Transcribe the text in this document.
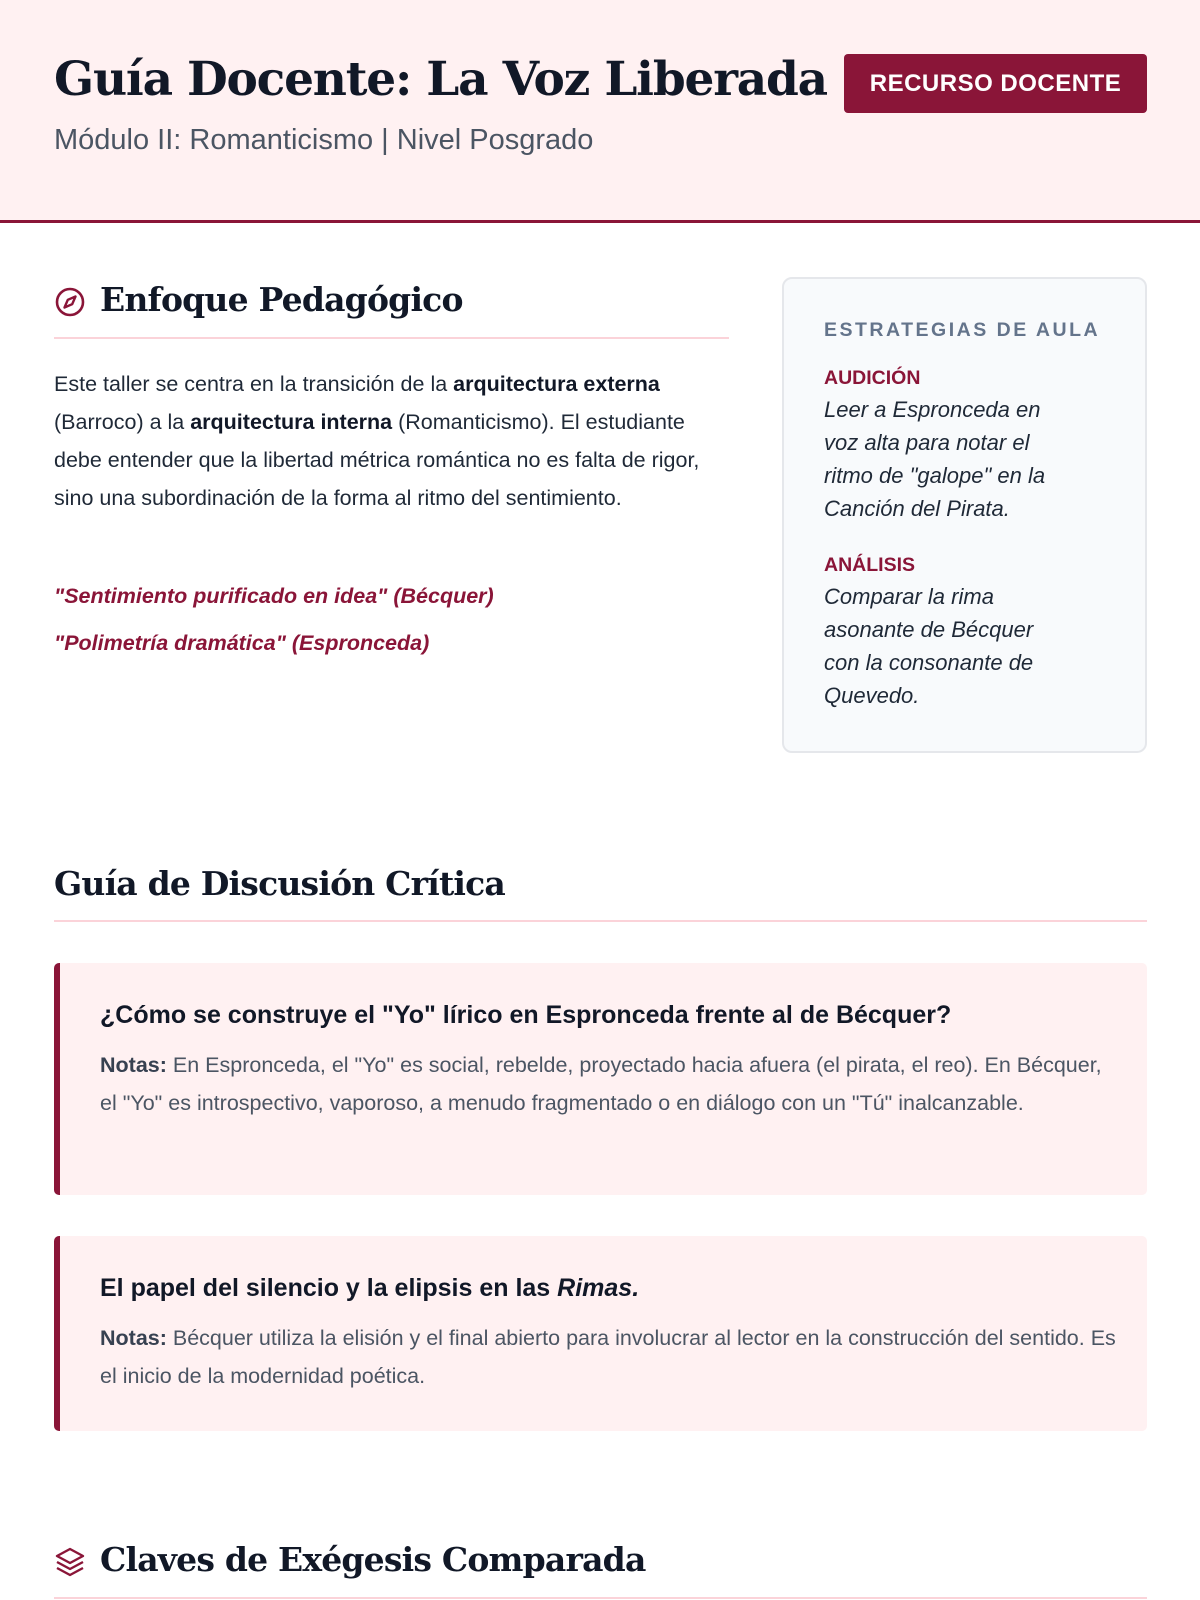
Guía Docente: La Voz Liberada
Módulo II: Romanticismo | Nivel Posgrado
RECURSO DOCENTE
Enfoque Pedagógico

Este taller se centra en la transición de la arquitectura externa (Barroco) a la arquitectura interna (Romanticismo). El estudiante debe entender que la libertad métrica romántica no es falta de rigor, sino una subordinación de la forma al ritmo del sentimiento.

"Sentimiento purificado en idea" (Bécquer)
"Polimetría dramática" (Espronceda)
ESTRATEGIAS DE AULA
AUDICIÓN
Leer a Espronceda en
voz alta para notar el
ritmo de "galope" en la
Canción del Pirata.
ANÁLISIS
Comparar la rima
asonante de Bécquer
con la consonante de
Quevedo.
Guía de Discusión Crítica
¿Cómo se construye el "Yo" lírico en Espronceda frente al de Bécquer?

Notas: En Espronceda, el "Yo" es social, rebelde, proyectado hacia afuera (el pirata, el reo). En Bécquer, el "Yo" es introspectivo, vaporoso, a menudo fragmentado o en diálogo con un "Tú" inalcanzable.

El papel del silencio y la elipsis en las Rimas.

Notas: Bécquer utiliza la elisión y el final abierto para involucrar al lector en la construcción del sentido. Es el inicio de la modernidad poética.

Claves de Exégesis Comparada
